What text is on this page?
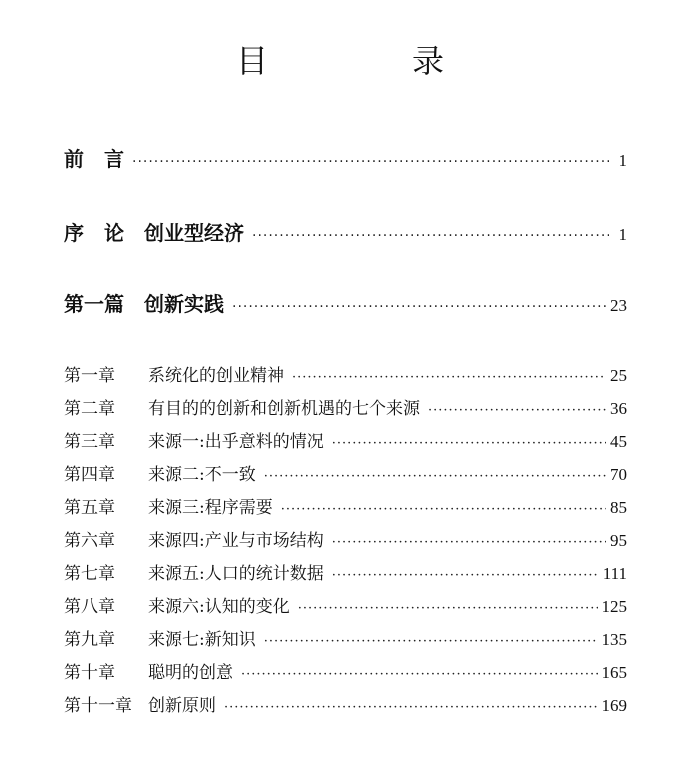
目　录
前　言 ·····	1
序　论　创业型经济 ·····	1
第一篇　创新实践 ·····	23
第一章 系统化的创业精神 ·····	25
第二章 有目的的创新和创新机遇的七个来源 ·····	36
第三章 来源一:出乎意料的情况 ·····	45
第四章 来源二:不一致 ·····	70
第五章 来源三:程序需要 ·····	85
第六章 来源四:产业与市场结构 ·····	95
第七章 来源五:人口的统计数据 ·····	111
第八章 来源六:认知的变化 ·····	125
第九章 来源七:新知识 ·····	135
第十章 聪明的创意 ·····	165
第十一章 创新原则 ·····	169
